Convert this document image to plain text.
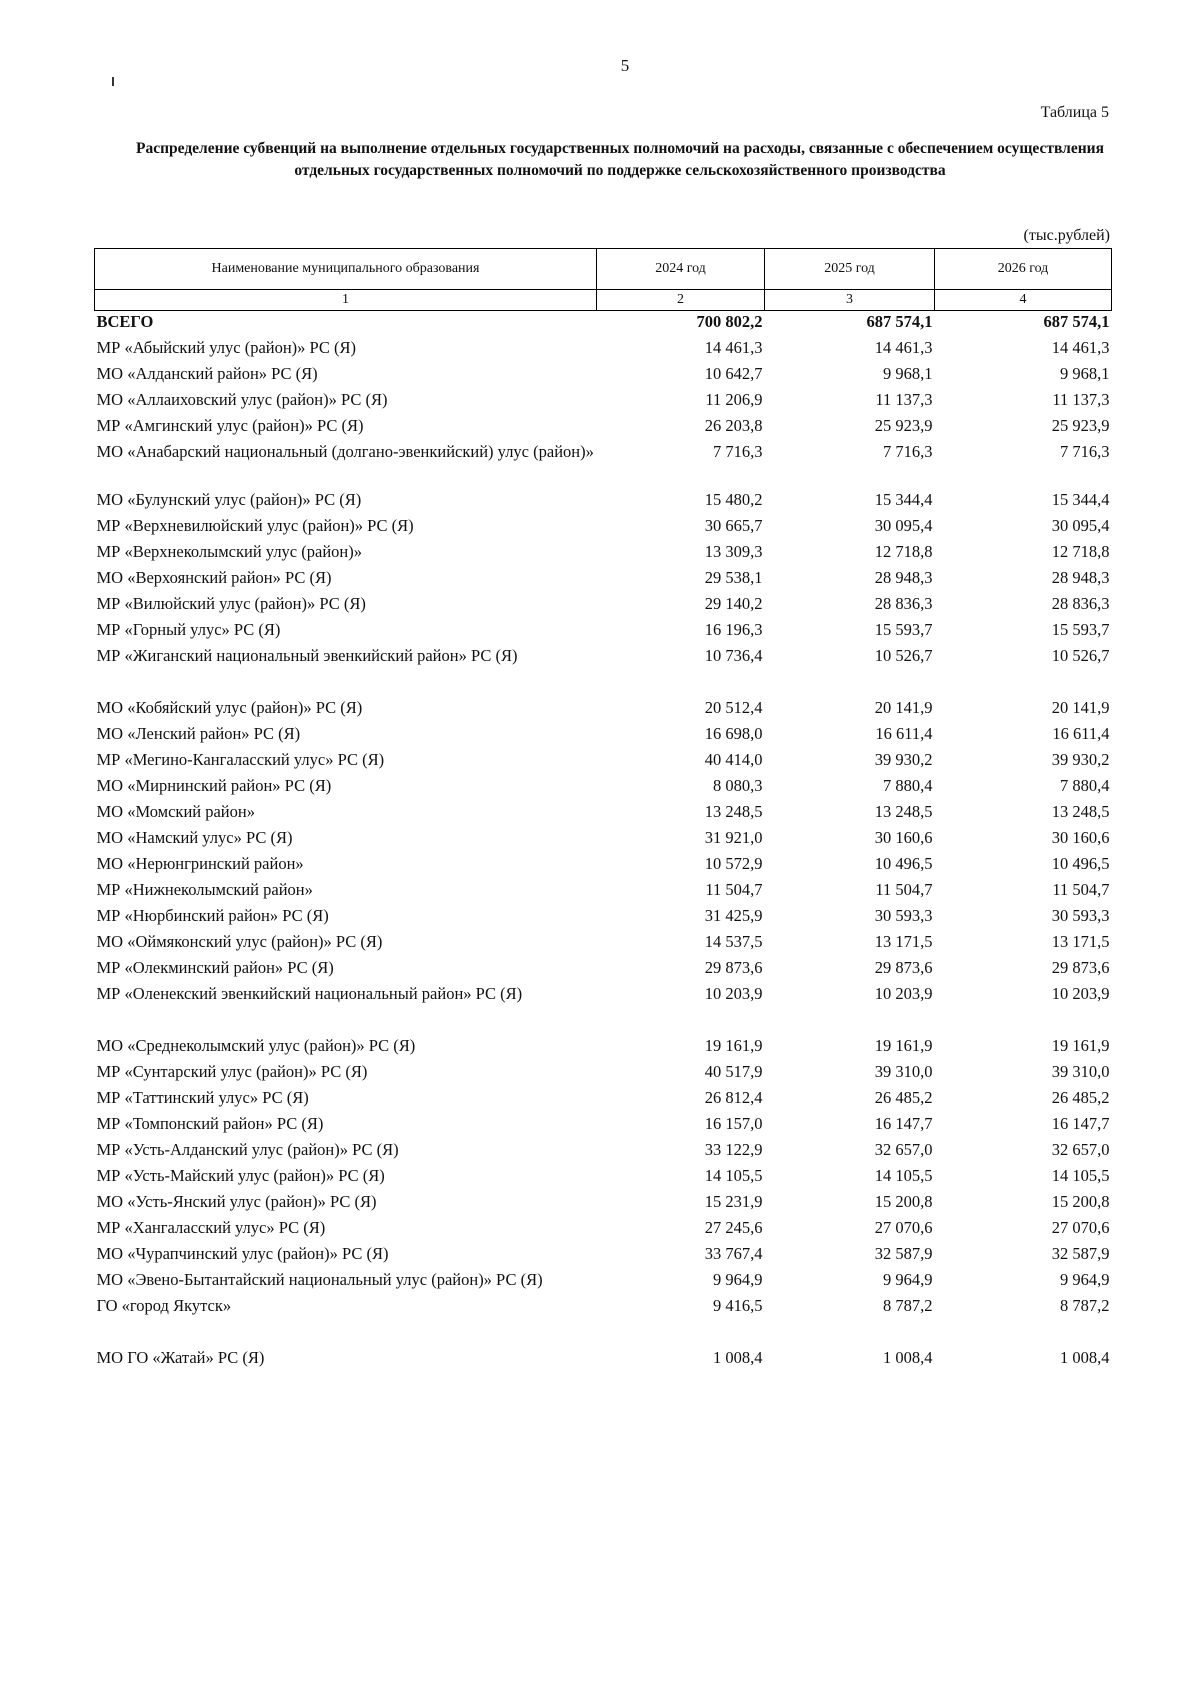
5
Таблица 5
Распределение субвенций на выполнение отдельных государственных полномочий на расходы, связанные с обеспечением осуществления отдельных государственных полномочий по поддержке сельскохозяйственного производства
(тыс.рублей)
Наименование муниципального образования	2024 год	2025 год	2026 год
1	2	3	4
ВСЕГО	700 802,2	687 574,1	687 574,1
МР «Абыйский улус (район)» РС (Я)	14 461,3	14 461,3	14 461,3
МО «Алданский район» РС (Я)	10 642,7	9 968,1	9 968,1
МО «Аллаиховский улус (район)» РС (Я)	11 206,9	11 137,3	11 137,3
МР «Амгинский улус (район)» РС (Я)	26 203,8	25 923,9	25 923,9
МО «Анабарский национальный (долгано-эвенкийский) улус (район)»	7 716,3	7 716,3	7 716,3
МО «Булунский улус (район)» РС (Я)	15 480,2	15 344,4	15 344,4
МР «Верхневилюйский улус (район)» РС (Я)	30 665,7	30 095,4	30 095,4
МР «Верхнеколымский улус (район)»	13 309,3	12 718,8	12 718,8
МО «Верхоянский район» РС (Я)	29 538,1	28 948,3	28 948,3
МР «Вилюйский улус (район)» РС (Я)	29 140,2	28 836,3	28 836,3
МР «Горный улус» РС (Я)	16 196,3	15 593,7	15 593,7
МР «Жиганский национальный эвенкийский район» РС (Я)	10 736,4	10 526,7	10 526,7

МО «Кобяйский улус (район)» РС (Я)	20 512,4	20 141,9	20 141,9
МО «Ленский район» РС (Я)	16 698,0	16 611,4	16 611,4
МР «Мегино-Кангаласский улус» РС (Я)	40 414,0	39 930,2	39 930,2
МО «Мирнинский район» РС (Я)	8 080,3	7 880,4	7 880,4
МО «Момский район»	13 248,5	13 248,5	13 248,5
МО «Намский улус» РС (Я)	31 921,0	30 160,6	30 160,6
МО «Нерюнгринский район»	10 572,9	10 496,5	10 496,5
МР «Нижнеколымский район»	11 504,7	11 504,7	11 504,7
МР «Нюрбинский район» РС (Я)	31 425,9	30 593,3	30 593,3
МО «Оймяконский улус (район)» РС (Я)	14 537,5	13 171,5	13 171,5
МР «Олекминский район» РС (Я)	29 873,6	29 873,6	29 873,6
МР «Оленекский эвенкийский национальный район» РС (Я)	10 203,9	10 203,9	10 203,9

МО «Среднеколымский улус (район)» РС (Я)	19 161,9	19 161,9	19 161,9
МР «Сунтарский улус (район)» РС (Я)	40 517,9	39 310,0	39 310,0
МР «Таттинский улус» РС (Я)	26 812,4	26 485,2	26 485,2
МР «Томпонский район» РС (Я)	16 157,0	16 147,7	16 147,7
МР «Усть-Алданский улус (район)» РС (Я)	33 122,9	32 657,0	32 657,0
МР «Усть-Майский улус (район)» РС (Я)	14 105,5	14 105,5	14 105,5
МО «Усть-Янский улус (район)» РС (Я)	15 231,9	15 200,8	15 200,8
МР «Хангаласский улус» РС (Я)	27 245,6	27 070,6	27 070,6
МО «Чурапчинский улус (район)» РС (Я)	33 767,4	32 587,9	32 587,9
МО «Эвено-Бытантайский национальный улус (район)» РС (Я)	9 964,9	9 964,9	9 964,9
ГО «город Якутск»	9 416,5	8 787,2	8 787,2

МО ГО «Жатай» РС (Я)	1 008,4	1 008,4	1 008,4
